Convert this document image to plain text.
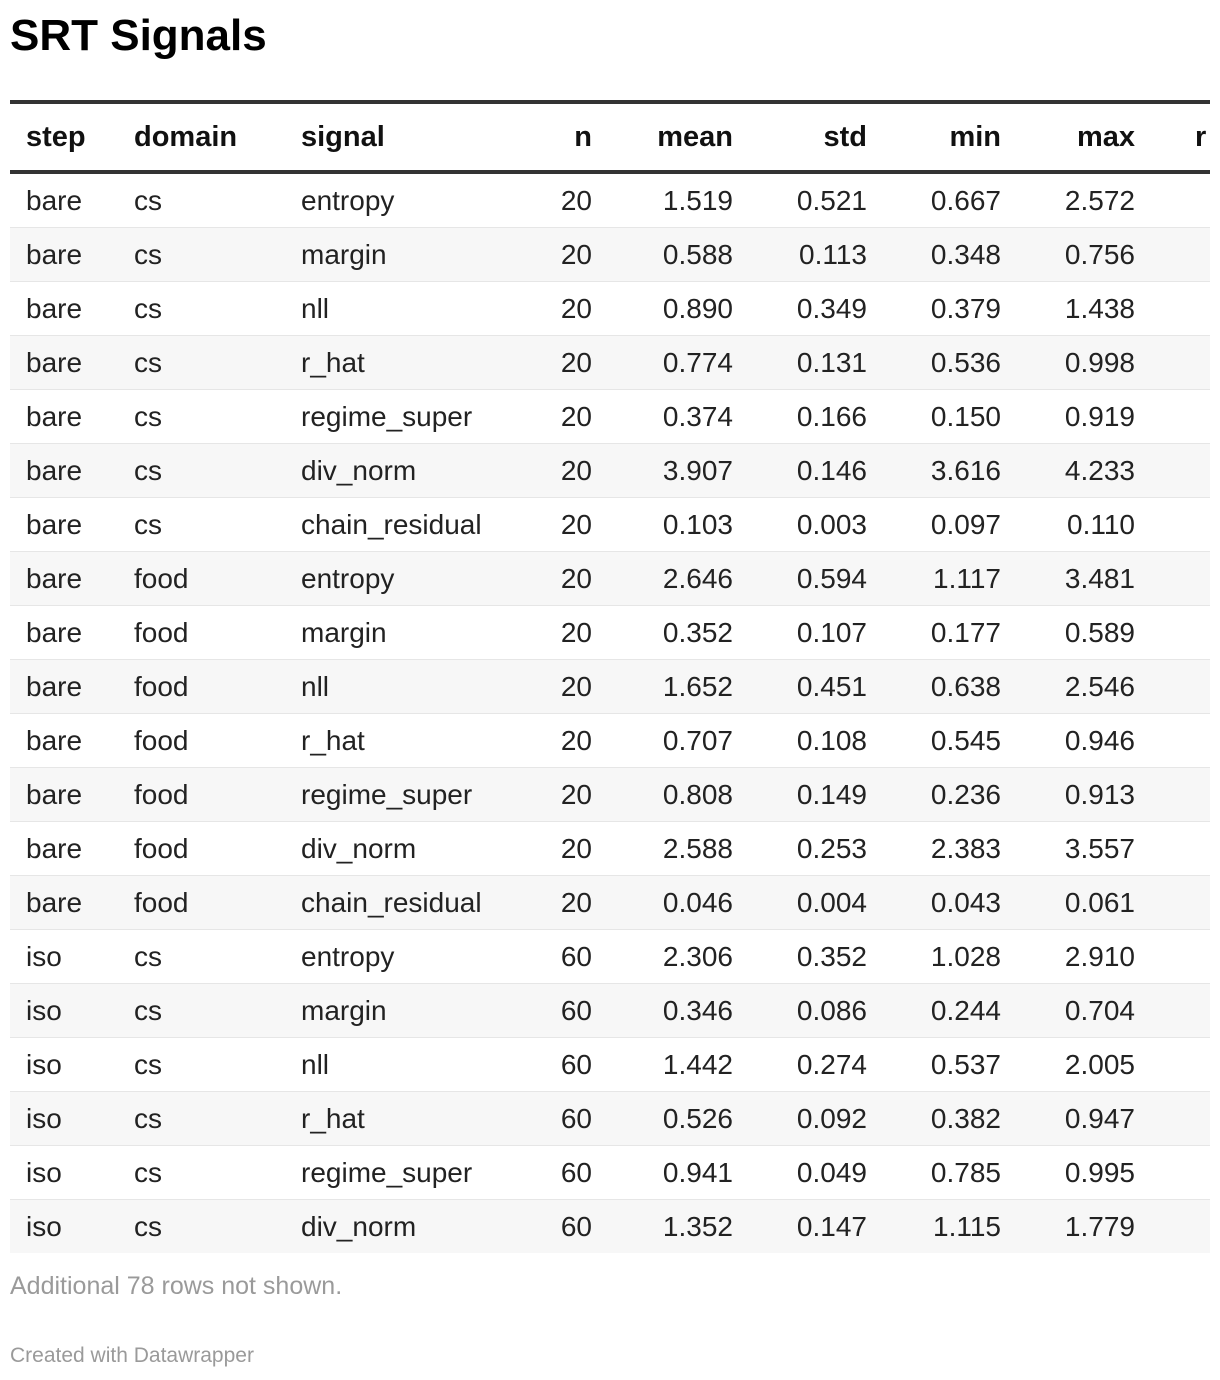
SRT Signals
step	domain	signal	n	mean	std	min	max	r
bare	cs	entropy	20	1.519	0.521	0.667	2.572	
bare	cs	margin	20	0.588	0.113	0.348	0.756	
bare	cs	nll	20	0.890	0.349	0.379	1.438	
bare	cs	r_hat	20	0.774	0.131	0.536	0.998	
bare	cs	regime_super	20	0.374	0.166	0.150	0.919	
bare	cs	div_norm	20	3.907	0.146	3.616	4.233	
bare	cs	chain_residual	20	0.103	0.003	0.097	0.110	
bare	food	entropy	20	2.646	0.594	1.117	3.481	
bare	food	margin	20	0.352	0.107	0.177	0.589	
bare	food	nll	20	1.652	0.451	0.638	2.546	
bare	food	r_hat	20	0.707	0.108	0.545	0.946	
bare	food	regime_super	20	0.808	0.149	0.236	0.913	
bare	food	div_norm	20	2.588	0.253	2.383	3.557	
bare	food	chain_residual	20	0.046	0.004	0.043	0.061	
iso	cs	entropy	60	2.306	0.352	1.028	2.910	
iso	cs	margin	60	0.346	0.086	0.244	0.704	
iso	cs	nll	60	1.442	0.274	0.537	2.005	
iso	cs	r_hat	60	0.526	0.092	0.382	0.947	
iso	cs	regime_super	60	0.941	0.049	0.785	0.995	
iso	cs	div_norm	60	1.352	0.147	1.115	1.779	
Additional 78 rows not shown.
Created with Datawrapper
